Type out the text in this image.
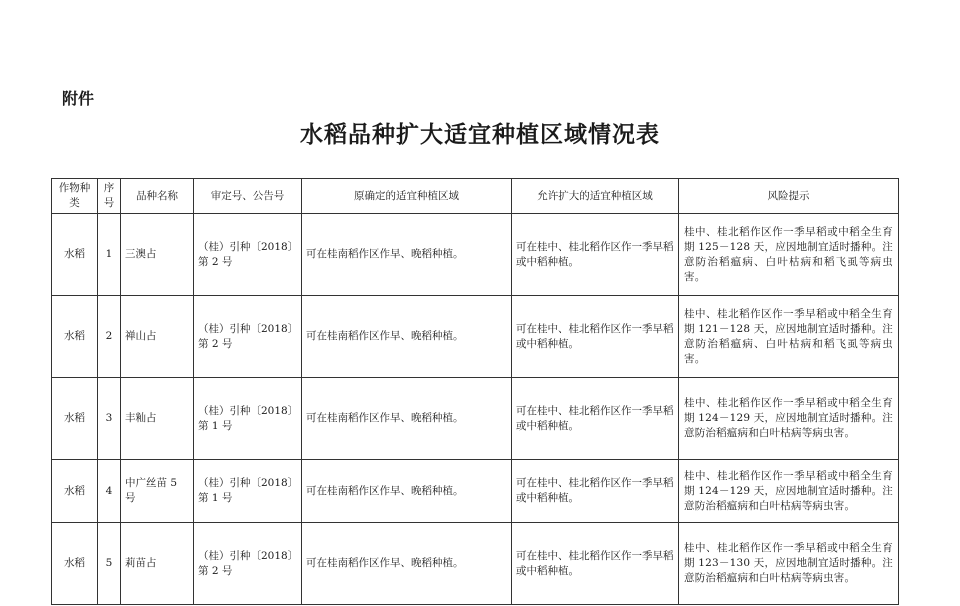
附件
水稻品种扩大适宜种植区域情况表
作物种类	序号	品种名称	审定号、公告号	原确定的适宜种植区域	允许扩大的适宜种植区域	风险提示
水稻	1	三澳占	（桂）引种〔2018〕第 2 号	可在桂南稻作区作早、晚稻种植。	可在桂中、桂北稻作区作一季早稻或中稻种植。	桂中、桂北稻作区作一季早稻或中稻全生育期 125－128 天，应因地制宜适时播种。注意防治稻瘟病、白叶枯病和稻飞虱等病虫害。
水稻	2	禅山占	（桂）引种〔2018〕第 2 号	可在桂南稻作区作早、晚稻种植。	可在桂中、桂北稻作区作一季早稻或中稻种植。	桂中、桂北稻作区作一季早稻或中稻全生育期 121－128 天，应因地制宜适时播种。注意防治稻瘟病、白叶枯病和稻飞虱等病虫害。
水稻	3	丰籼占	（桂）引种〔2018〕第 1 号	可在桂南稻作区作早、晚稻种植。	可在桂中、桂北稻作区作一季早稻或中稻种植。	桂中、桂北稻作区作一季早稻或中稻全生育期 124－129 天，应因地制宜适时播种。注意防治稻瘟病和白叶枯病等病虫害。
水稻	4	中广丝苗 5 号	（桂）引种〔2018〕第 1 号	可在桂南稻作区作早、晚稻种植。	可在桂中、桂北稻作区作一季早稻或中稻种植。	桂中、桂北稻作区作一季早稻或中稻全生育期 124－129 天，应因地制宜适时播种。注意防治稻瘟病和白叶枯病等病虫害。
水稻	5	莉苗占	（桂）引种〔2018〕第 2 号	可在桂南稻作区作早、晚稻种植。	可在桂中、桂北稻作区作一季早稻或中稻种植。	桂中、桂北稻作区作一季早稻或中稻全生育期 123－130 天，应因地制宜适时播种。注意防治稻瘟病和白叶枯病等病虫害。
